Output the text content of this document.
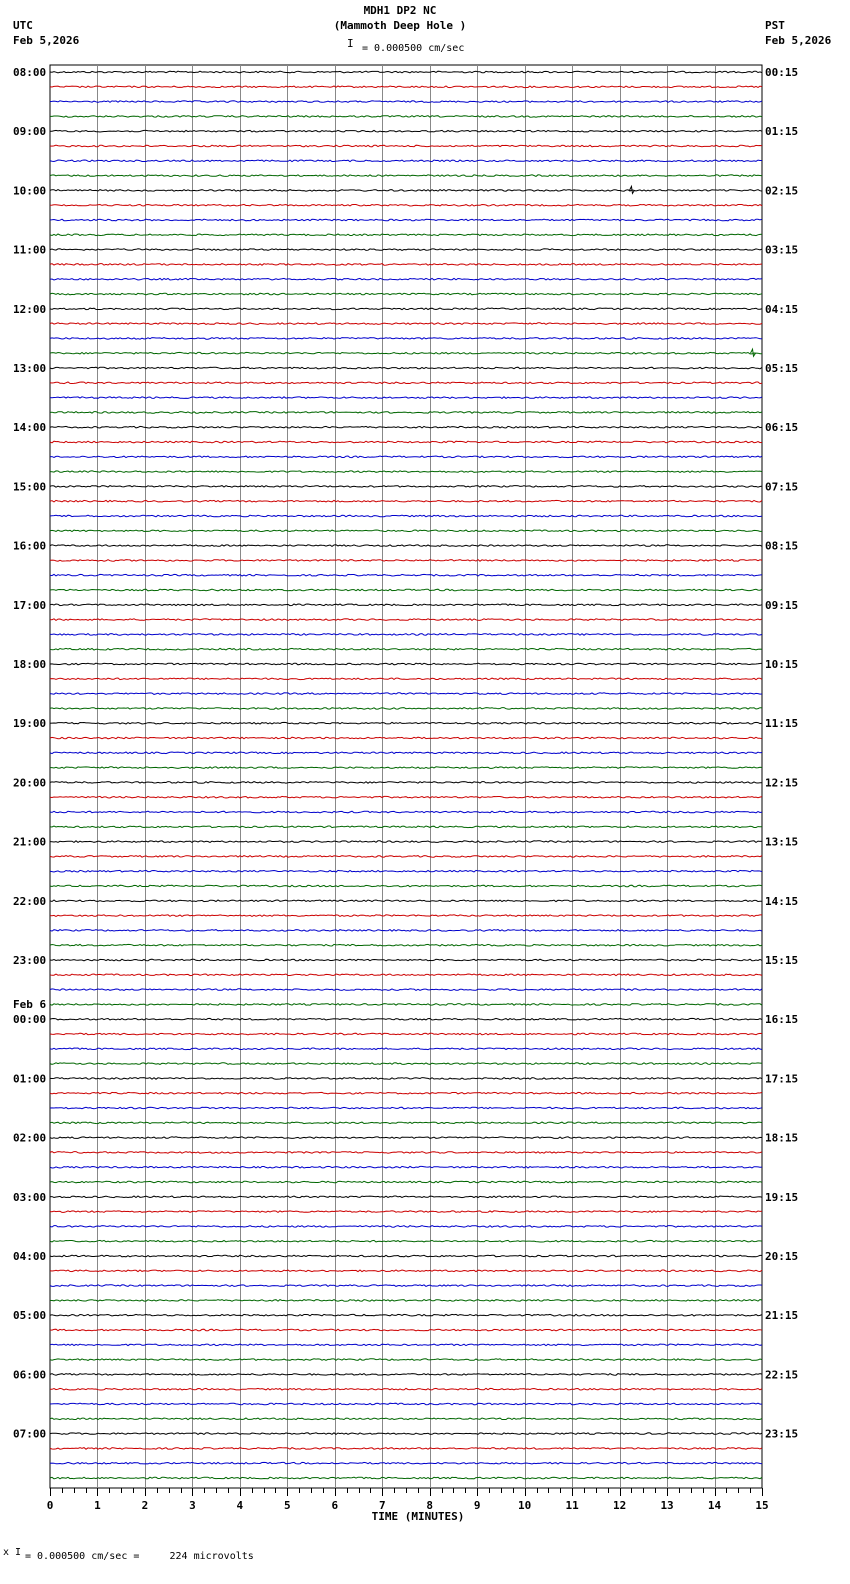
MDH1 DP2 NC
(Mammoth Deep Hole )
I = 0.000500 cm/sec
UTC
Feb 5,2026
PST
Feb 5,2026
08:00
09:00
10:00
11:00
12:00
13:00
14:00
15:00
16:00
17:00
18:00
19:00
20:00
21:00
22:00
23:00
00:00
01:00
02:00
03:00
04:00
05:00
06:00
07:00
00:15
01:15
02:15
03:15
04:15
05:15
06:15
07:15
08:15
09:15
10:15
11:15
12:15
13:15
14:15
15:15
16:15
17:15
18:15
19:15
20:15
21:15
22:15
23:15
Feb 6
0	1	2	3	4	5	6	7	8	9	10	11	12	13	14	15
TIME (MINUTES)
x I = 0.000500 cm/sec =     224 microvolts
